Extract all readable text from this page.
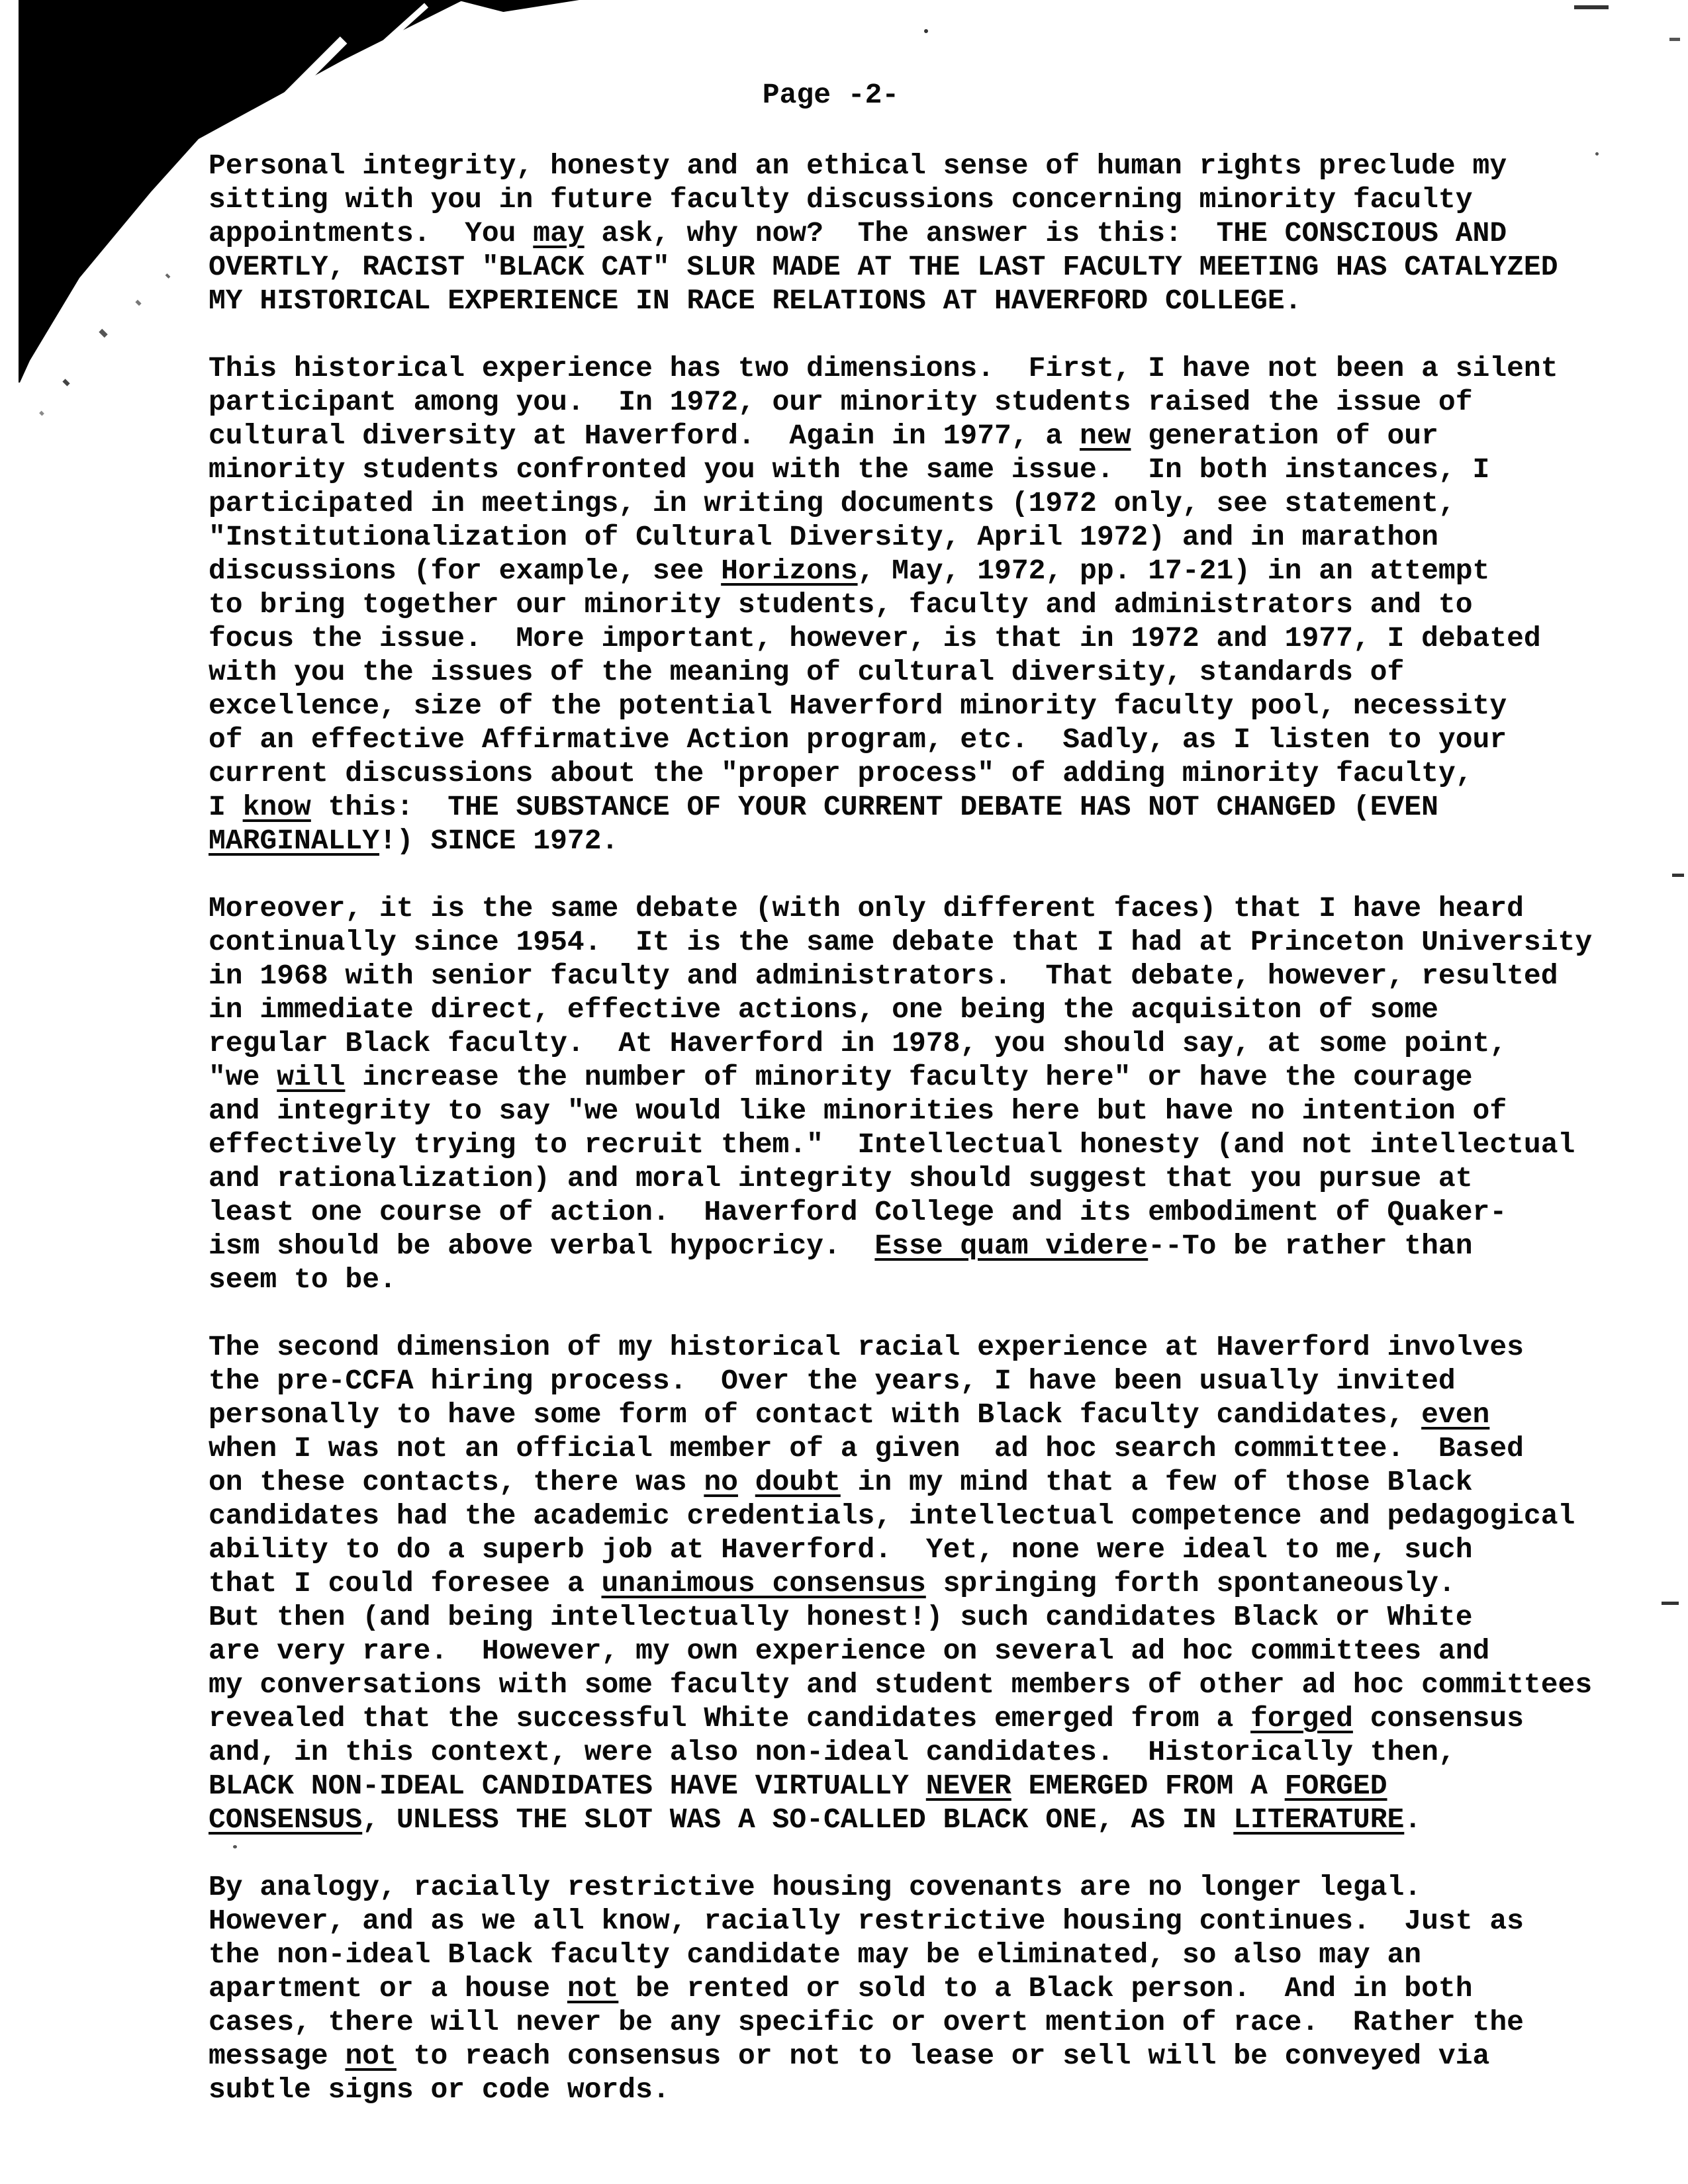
Page -2-
Personal integrity, honesty and an ethical sense of human rights preclude my
sitting with you in future faculty discussions concerning minority faculty
appointments.  You may ask, why now?  The answer is this:  THE CONSCIOUS AND
OVERTLY, RACIST "BLACK CAT" SLUR MADE AT THE LAST FACULTY MEETING HAS CATALYZED
MY HISTORICAL EXPERIENCE IN RACE RELATIONS AT HAVERFORD COLLEGE.
This historical experience has two dimensions.  First, I have not been a silent
participant among you.  In 1972, our minority students raised the issue of
cultural diversity at Haverford.  Again in 1977, a new generation of our
minority students confronted you with the same issue.  In both instances, I
participated in meetings, in writing documents (1972 only, see statement,
"Institutionalization of Cultural Diversity, April 1972) and in marathon
discussions (for example, see Horizons, May, 1972, pp. 17-21) in an attempt
to bring together our minority students, faculty and administrators and to
focus the issue.  More important, however, is that in 1972 and 1977, I debated
with you the issues of the meaning of cultural diversity, standards of
excellence, size of the potential Haverford minority faculty pool, necessity
of an effective Affirmative Action program, etc.  Sadly, as I listen to your
current discussions about the "proper process" of adding minority faculty,
I know this:  THE SUBSTANCE OF YOUR CURRENT DEBATE HAS NOT CHANGED (EVEN
MARGINALLY!) SINCE 1972.
Moreover, it is the same debate (with only different faces) that I have heard
continually since 1954.  It is the same debate that I had at Princeton University
in 1968 with senior faculty and administrators.  That debate, however, resulted
in immediate direct, effective actions, one being the acquisiton of some
regular Black faculty.  At Haverford in 1978, you should say, at some point,
"we will increase the number of minority faculty here" or have the courage
and integrity to say "we would like minorities here but have no intention of
effectively trying to recruit them."  Intellectual honesty (and not intellectual
and rationalization) and moral integrity should suggest that you pursue at
least one course of action.  Haverford College and its embodiment of Quaker-
ism should be above verbal hypocricy.  Esse quam videre--To be rather than
seem to be.
The second dimension of my historical racial experience at Haverford involves
the pre-CCFA hiring process.  Over the years, I have been usually invited
personally to have some form of contact with Black faculty candidates, even
when I was not an official member of a given  ad hoc search committee.  Based
on these contacts, there was no doubt in my mind that a few of those Black
candidates had the academic credentials, intellectual competence and pedagogical
ability to do a superb job at Haverford.  Yet, none were ideal to me, such
that I could foresee a unanimous consensus springing forth spontaneously.
But then (and being intellectually honest!) such candidates Black or White
are very rare.  However, my own experience on several ad hoc committees and
my conversations with some faculty and student members of other ad hoc committees
revealed that the successful White candidates emerged from a forged consensus
and, in this context, were also non-ideal candidates.  Historically then,
BLACK NON-IDEAL CANDIDATES HAVE VIRTUALLY NEVER EMERGED FROM A FORGED
CONSENSUS, UNLESS THE SLOT WAS A SO-CALLED BLACK ONE, AS IN LITERATURE.
By analogy, racially restrictive housing covenants are no longer legal.
However, and as we all know, racially restrictive housing continues.  Just as
the non-ideal Black faculty candidate may be eliminated, so also may an
apartment or a house not be rented or sold to a Black person.  And in both
cases, there will never be any specific or overt mention of race.  Rather the
message not to reach consensus or not to lease or sell will be conveyed via
subtle signs or code words.
